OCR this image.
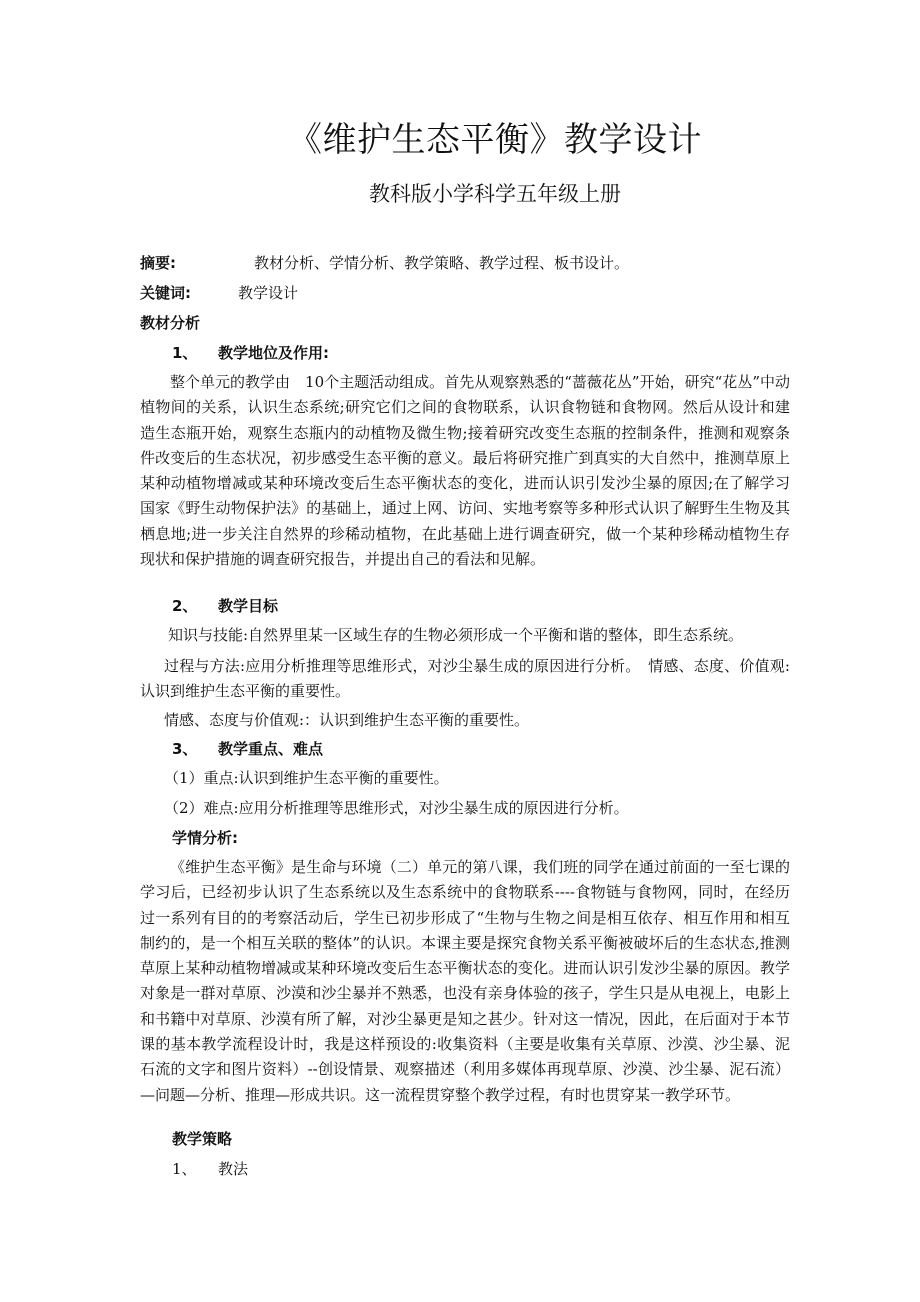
《维护生态平衡》教学设计
教科版小学科学五年级上册
摘要:	教材分析、学情分析、教学策略、教学过程、板书设计。
关键词:	教学设计
教材分析
1、 教学地位及作用:
整个单元的教学由　10个主题活动组成。首先从观察熟悉的“蔷薇花丛”开始，研究“花丛”中动植物间的关系，认识生态系统;研究它们之间的食物联系，认识食物链和食物网。然后从设计和建造生态瓶开始，观察生态瓶内的动植物及微生物;接着研究改变生态瓶的控制条件，推测和观察条件改变后的生态状况，初步感受生态平衡的意义。最后将研究推广到真实的大自然中，推测草原上某种动植物增减或某种环境改变后生态平衡状态的变化，进而认识引发沙尘暴的原因;在了解学习国家《野生动物保护法》的基础上，通过上网、访问、实地考察等多种形式认识了解野生生物及其栖息地;进一步关注自然界的珍稀动植物，在此基础上进行调查研究，做一个某种珍稀动植物生存现状和保护措施的调查研究报告，并提出自己的看法和见解。
2、 教学目标
知识与技能:自然界里某一区域生存的生物必须形成一个平衡和谐的整体，即生态系统。
过程与方法:应用分析推理等思维形式，对沙尘暴生成的原因进行分析。　情感、态度、价值观:认识到维护生态平衡的重要性。
情感、态度与价值观:：认识到维护生态平衡的重要性。
3、 教学重点、难点
（1）重点:认识到维护生态平衡的重要性。
（2）难点:应用分析推理等思维形式，对沙尘暴生成的原因进行分析。
学情分析:
《维护生态平衡》是生命与环境（二）单元的第八课，我们班的同学在通过前面的一至七课的学习后，已经初步认识了生态系统以及生态系统中的食物联系----食物链与食物网，同时，在经历过一系列有目的的考察活动后，学生已初步形成了“生物与生物之间是相互依存、相互作用和相互制约的，是一个相互关联的整体”的认识。本课主要是探究食物关系平衡被破坏后的生态状态,推测草原上某种动植物增减或某种环境改变后生态平衡状态的变化。进而认识引发沙尘暴的原因。教学对象是一群对草原、沙漠和沙尘暴并不熟悉，也没有亲身体验的孩子，学生只是从电视上，电影上和书籍中对草原、沙漠有所了解，对沙尘暴更是知之甚少。针对这一情况，因此，在后面对于本节课的基本教学流程设计时，我是这样预设的:收集资料（主要是收集有关草原、沙漠、沙尘暴、泥石流的文字和图片资料）--创设情景、观察描述（利用多媒体再现草原、沙漠、沙尘暴、泥石流）—问题—分析、推理—形成共识。这一流程贯穿整个教学过程，有时也贯穿某一教学环节。
教学策略
1、 教法
